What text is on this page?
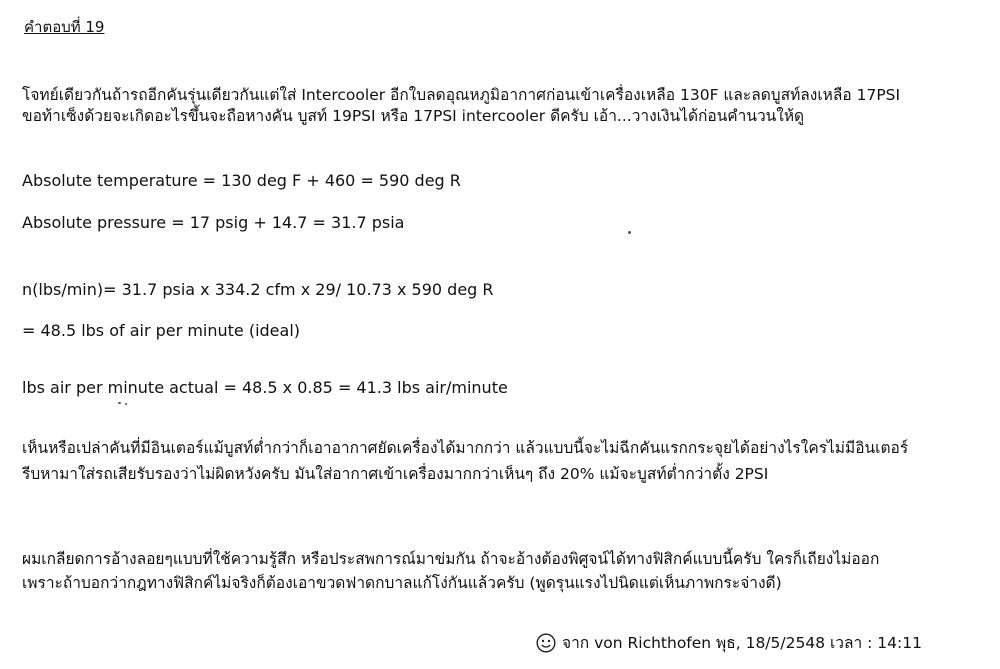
คำตอบที่ 19
โจทย์เดียวกันถ้ารถอีกคันรุ่นเดียวกันแต่ใส่ Intercooler อีกใบลดอุณหภูมิอากาศก่อนเข้าเครื่องเหลือ 130F และลดบูสท์ลงเหลือ 17PSI
ขอท้าเซ็งด้วยจะเกิดอะไรขึ้นจะถือหางคัน บูสท์ 19PSI หรือ 17PSI intercooler ดีครับ เอ้า...วางเงินได้ก่อนคำนวนให้ดู
Absolute temperature = 130 deg F + 460 = 590 deg R
Absolute pressure = 17 psig + 14.7 = 31.7 psia
n(lbs/min)= 31.7 psia x 334.2 cfm x 29/ 10.73 x 590 deg R
= 48.5 lbs of air per minute (ideal)
lbs air per minute actual = 48.5 x 0.85 = 41.3 lbs air/minute
เห็นหรือเปล่าคันที่มีอินเตอร์แม้บูสท์ต่ำกว่าก็เอาอากาศยัดเครื่องได้มากกว่า แล้วแบบนี้จะไม่ฉีกคันแรกกระจุยได้อย่างไรใครไม่มีอินเตอร์
รีบหามาใส่รถเสียรับรองว่าไม่ผิดหวังครับ มันใส่อากาศเข้าเครื่องมากกว่าเห็นๆ ถึง 20% แม้จะบูสท์ต่ำกว่าตั้ง 2PSI
ผมเกลียดการอ้างลอยๆแบบที่ใช้ความรู้สึก หรือประสพการณ์มาข่มกัน ถ้าจะอ้างต้องพิศูจน์ได้ทางฟิสิกค์แบบนี้ครับ ใครก็เถียงไม่ออก
เพราะถ้าบอกว่ากฎทางฟิสิกค์ไม่จริงก็ต้องเอาขวดฟาดกบาลแก้โง่กันแล้วครับ (พูดรุนแรงไปนิดแต่เห็นภาพกระจ่างดี)
จาก von Richthofen พุธ, 18/5/2548 เวลา : 14:11
